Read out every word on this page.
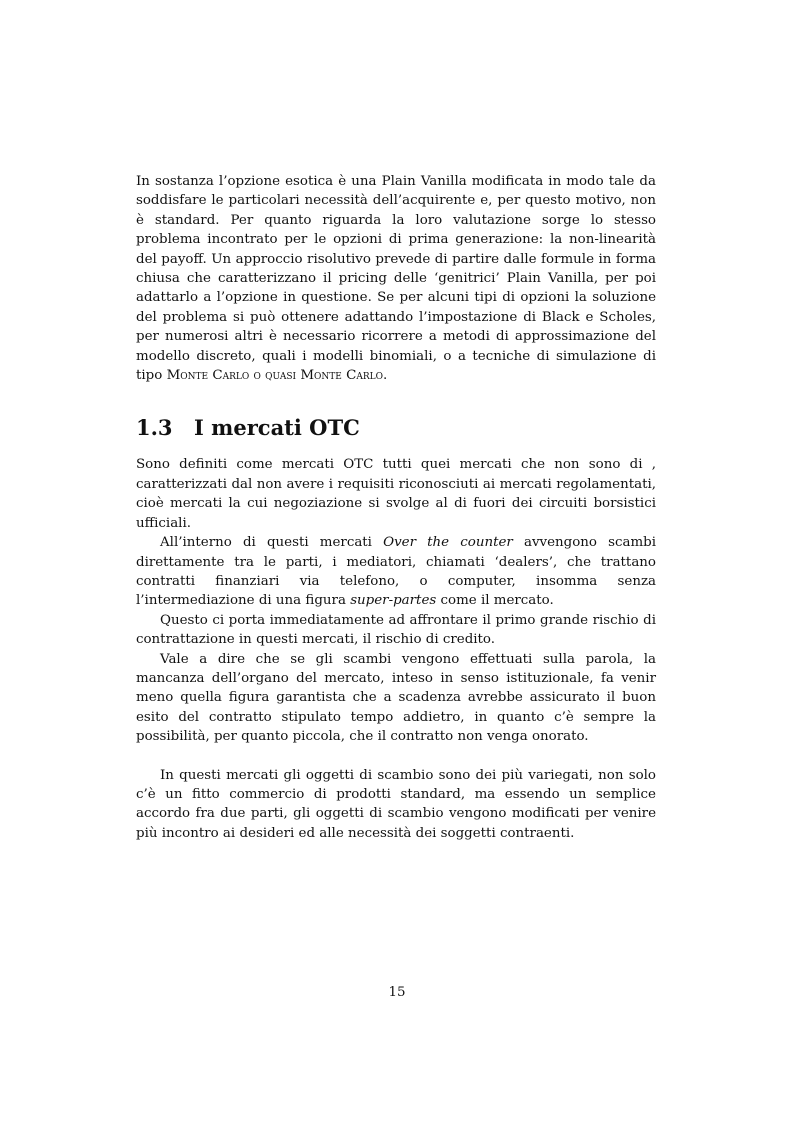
In sostanza l’opzione esotica è una Plain Vanilla modificata in modo tale da soddisfare le particolari necessità dell’acquirente e, per questo motivo, non è standard. Per quanto riguarda la loro valutazione sorge lo stesso problema incontrato per le opzioni di prima generazione: la non-linearità del payoff. Un approccio risolutivo prevede di partire dalle formule in forma chiusa che caratterizzano il pricing delle ‘genitrici’ Plain Vanilla, per poi adattarlo a l’opzione in questione. Se per alcuni tipi di opzioni la soluzione del problema si può ottenere adattando l’impostazione di Black e Scholes, per numerosi altri è necessario ricorrere a metodi di approssimazione del modello discreto, quali i modelli binomiali, o a tecniche di simulazione di tipo Monte Carlo o quasi Monte Carlo.

1.3	I mercati OTC

Sono definiti come mercati OTC tutti quei mercati che non sono di , caratterizzati dal non avere i requisiti riconosciuti ai mercati regolamentati, cioè mercati la cui negoziazione si svolge al di fuori dei circuiti borsistici ufficiali.

All’interno di questi mercati Over the counter avvengono scambi direttamente tra le parti, i mediatori, chiamati ‘dealers’, che trattano contratti finanziari via telefono, o computer, insomma senza l’intermediazione di una figura super-partes come il mercato.

Questo ci porta immediatamente ad affrontare il primo grande rischio di contrattazione in questi mercati, il rischio di credito.

Vale a dire che se gli scambi vengono effettuati sulla parola, la mancanza dell’organo del mercato, inteso in senso istituzionale, fa venir meno quella figura garantista che a scadenza avrebbe assicurato il buon esito del contratto stipulato tempo addietro, in quanto c’è sempre la possibilità, per quanto piccola, che il contratto non venga onorato.

In questi mercati gli oggetti di scambio sono dei più variegati, non solo c’è un fitto commercio di prodotti standard, ma essendo un semplice accordo fra due parti, gli oggetti di scambio vengono modificati per venire più incontro ai desideri ed alle necessità dei soggetti contraenti.

15
